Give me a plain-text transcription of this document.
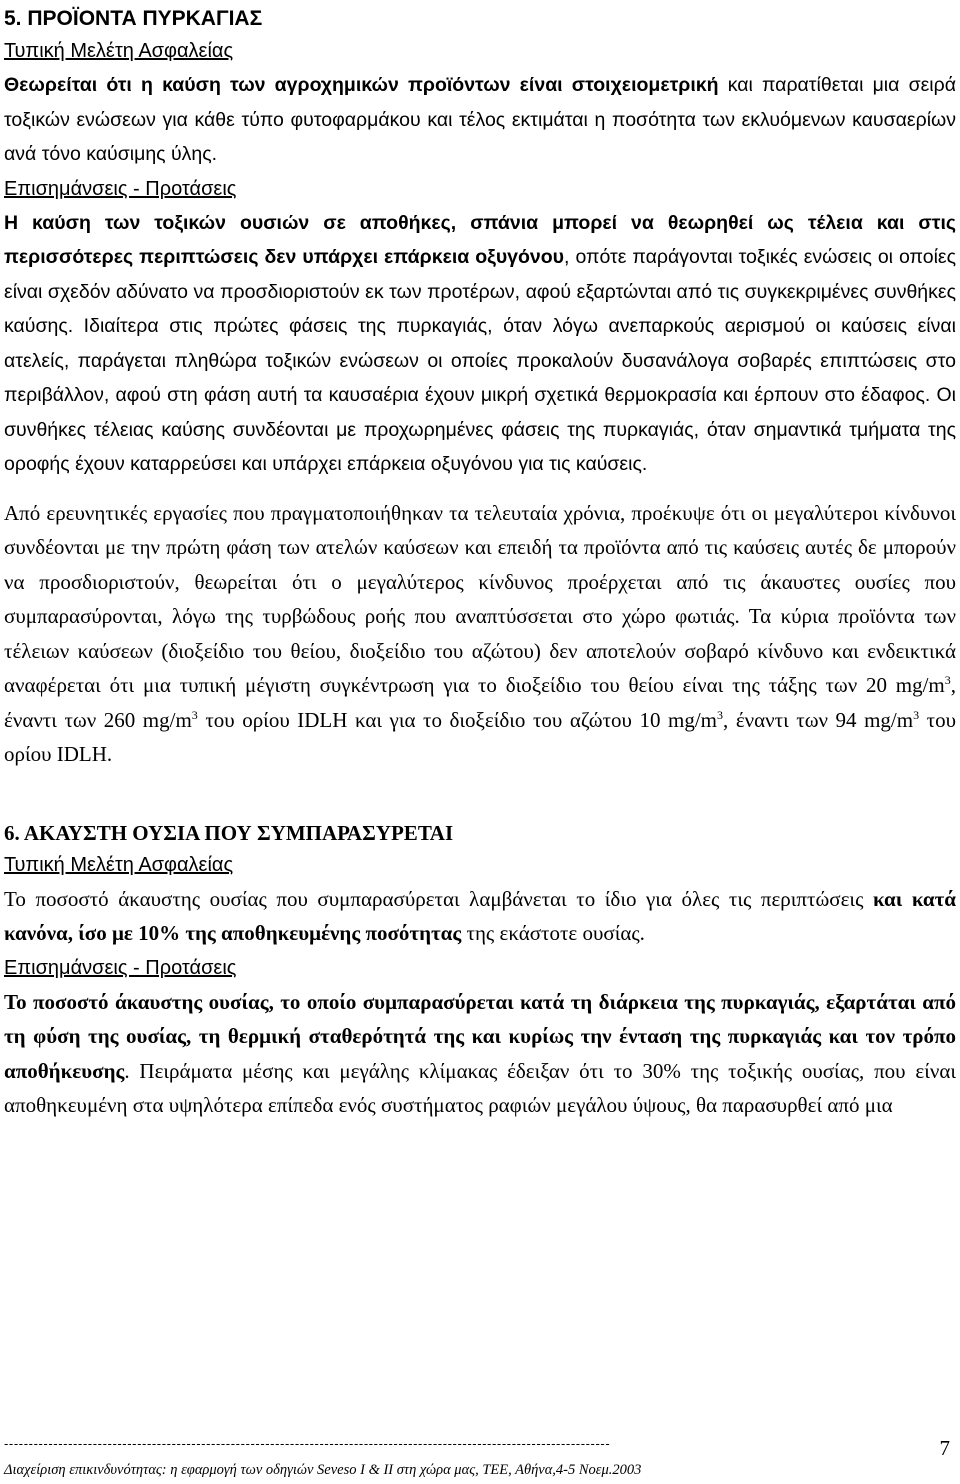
5. ΠΡΟΪΟΝΤΑ ΠΥΡΚΑΓΙΑΣ
Τυπική Μελέτη Ασφαλείας

Θεωρείται ότι η καύση των αγροχημικών προϊόντων είναι στοιχειομετρική και παρατίθεται μια σειρά τοξικών ενώσεων για κάθε τύπο φυτοφαρμάκου και τέλος εκτιμάται η ποσότητα των εκλυόμενων καυσαερίων ανά τόνο καύσιμης ύλης.

Επισημάνσεις - Προτάσεις

Η καύση των τοξικών ουσιών σε αποθήκες, σπάνια μπορεί να θεωρηθεί ως τέλεια και στις περισσότερες περιπτώσεις δεν υπάρχει επάρκεια οξυγόνου, οπότε παράγονται τοξικές ενώσεις οι οποίες είναι σχεδόν αδύνατο να προσδιοριστούν εκ των προτέρων, αφού εξαρτώνται από τις συγκεκριμένες συνθήκες καύσης. Ιδιαίτερα στις πρώτες φάσεις της πυρκαγιάς, όταν λόγω ανεπαρκούς αερισμού οι καύσεις είναι ατελείς, παράγεται πληθώρα τοξικών ενώσεων οι οποίες προκαλούν δυσανάλογα σοβαρές επιπτώσεις στο περιβάλλον, αφού στη φάση αυτή τα καυσαέρια έχουν μικρή σχετικά θερμοκρασία και έρπουν στο έδαφος. Οι συνθήκες τέλειας καύσης συνδέονται με προχωρημένες φάσεις της πυρκαγιάς, όταν σημαντικά τμήματα της οροφής έχουν καταρρεύσει και υπάρχει επάρκεια οξυγόνου για τις καύσεις.

Από ερευνητικές εργασίες που πραγματοποιήθηκαν τα τελευταία χρόνια, προέκυψε ότι οι μεγαλύτεροι κίνδυνοι συνδέονται με την πρώτη φάση των ατελών καύσεων και επειδή τα προϊόντα από τις καύσεις αυτές δε μπορούν να προσδιοριστούν, θεωρείται ότι ο μεγαλύτερος κίνδυνος προέρχεται από τις άκαυστες ουσίες που συμπαρασύρονται, λόγω της τυρβώδους ροής που αναπτύσσεται στο χώρο φωτιάς. Τα κύρια προϊόντα των τέλειων καύσεων (διοξείδιο του θείου, διοξείδιο του αζώτου) δεν αποτελούν σοβαρό κίνδυνο και ενδεικτικά αναφέρεται ότι μια τυπική μέγιστη συγκέντρωση για το διοξείδιο του θείου είναι της τάξης των 20 $mg/m^3$, έναντι των 260 $mg/m^3$ του ορίου IDLH και για το διοξείδιο του αζώτου 10 $mg/m^3$, έναντι των 94 $mg/m^3$ του ορίου IDLH.

6. ΑΚΑΥΣΤΗ ΟΥΣΙΑ ΠΟΥ ΣΥΜΠΑΡΑΣΥΡΕΤΑΙ
Τυπική Μελέτη Ασφαλείας

Το ποσοστό άκαυστης ουσίας που συμπαρασύρεται λαμβάνεται το ίδιο για όλες τις περιπτώσεις και κατά κανόνα, ίσο με 10% της αποθηκευμένης ποσότητας της εκάστοτε ουσίας.

Επισημάνσεις - Προτάσεις

Το ποσοστό άκαυστης ουσίας, το οποίο συμπαρασύρεται κατά τη διάρκεια της πυρκαγιάς, εξαρτάται από τη φύση της ουσίας, τη θερμική σταθερότητά της και κυρίως την ένταση της πυρκαγιάς και τον τρόπο αποθήκευσης. Πειράματα μέσης και μεγάλης κλίμακας έδειξαν ότι το 30% της τοξικής ουσίας, που είναι αποθηκευμένη στα υψηλότερα επίπεδα ενός συστήματος ραφιών μεγάλου ύψους, θα παρασυρθεί από μια

---------------------------------------------------------------------------------------------------------------------------	7
Διαχείριση επικινδυνότητας: η εφαρμογή των οδηγιών Seveso I & II στη χώρα μας, ΤΕΕ, Αθήνα,4-5 Νοεμ.2003
